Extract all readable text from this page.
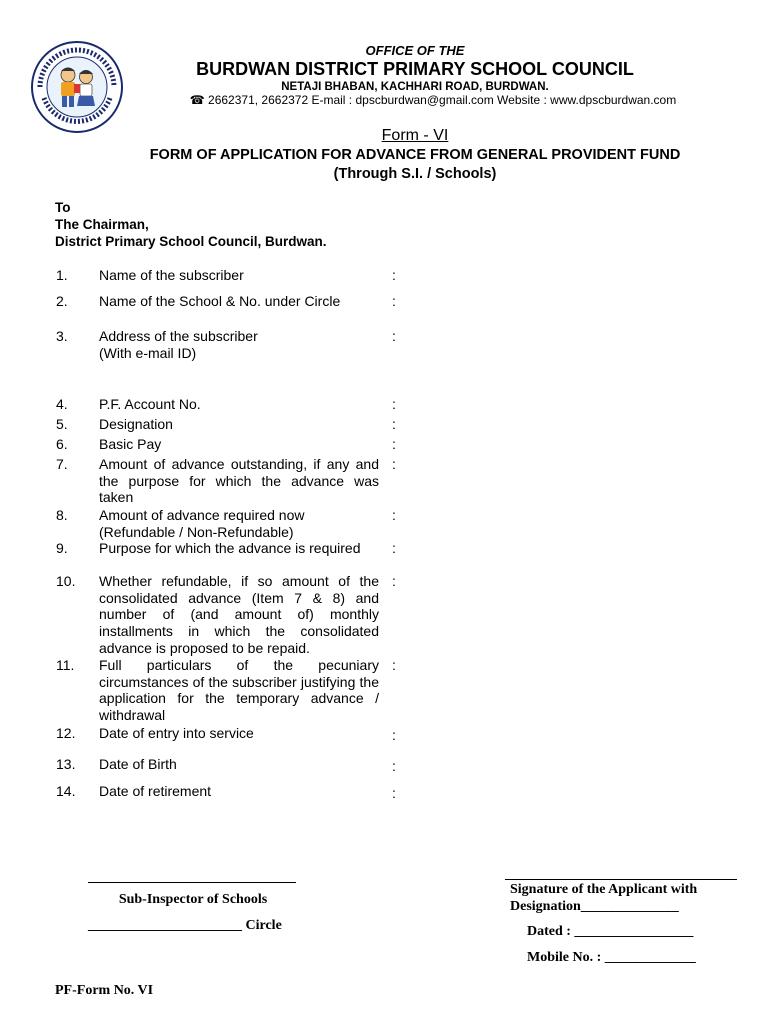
OFFICE OF THE
BURDWAN DISTRICT PRIMARY SCHOOL COUNCIL
NETAJI BHABAN, KACHHARI ROAD, BURDWAN.
☎ 2662371, 2662372 E-mail : dpscburdwan@gmail.com Website : www.dpscburdwan.com
Form - VI
FORM OF APPLICATION FOR ADVANCE FROM GENERAL PROVIDENT FUND
(Through S.I. / Schools)
To
The Chairman,
District Primary School Council, Burdwan.
1. Name of the subscriber	:
2. Name of the School & No. under Circle	:
3. Address of the subscriber
(With e-mail ID)
:
4. P.F. Account No.	:
5. Designation	:
6. Basic Pay	:
7. Amount of advance outstanding, if any and the purpose for which the advance was taken
:
8. Amount of advance required now
(Refundable / Non-Refundable)
:
9. Purpose for which the advance is required	:
10. Whether refundable, if so amount of the consolidated advance (Item 7 & 8) and number of (and amount of) monthly installments in which the consolidated advance is proposed to be repaid.
:
11. Full particulars of the pecuniary circumstances of the subscriber justifying the application for the temporary advance / withdrawal
:
12. Date of entry into service	:
13. Date of Birth	:
14. Date of retirement	:
Sub-Inspector of Schools
______________________ Circle
Signature of the Applicant with Designation______________
Dated : _________________
Mobile No. : _____________
PF-Form No. VI
